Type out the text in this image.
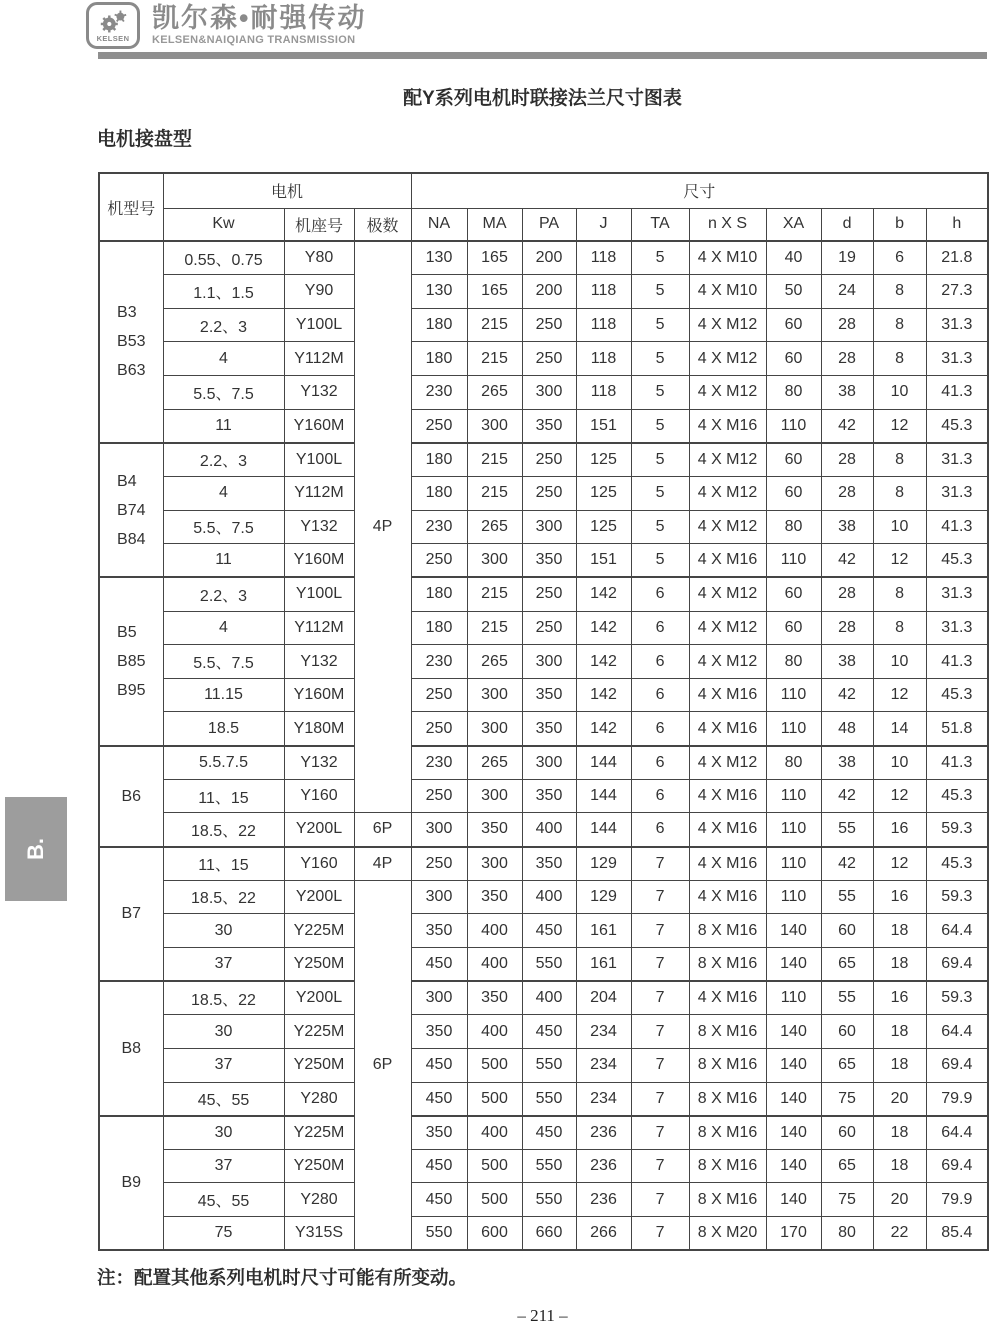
KELSEN
凯尔森•耐强传动
KELSEN&NAIQIANG TRANSMISSION
配Y系列电机时联接法兰尺寸图表
电机接盘型
机型号	电机			尺寸									
	Kw	机座号	极数	NA	MA	PA	J	TA	n X S	XA	d	b	h

B3
B53
B63	0.55、0.75	Y80	4P	130	165	200	118	5	4 X M10	40	19	6	21.8
	1.1、1.5	Y90		130	165	200	118	5	4 X M10	50	24	8	27.3
	2.2、3	Y100L		180	215	250	118	5	4 X M12	60	28	8	31.3
	4	Y112M		180	215	250	118	5	4 X M12	60	28	8	31.3
	5.5、7.5	Y132		230	265	300	118	5	4 X M12	80	38	10	41.3
	11	Y160M		250	300	350	151	5	4 X M16	110	42	12	45.3

B4
B74
B84	2.2、3	Y100L		180	215	250	125	5	4 X M12	60	28	8	31.3
	4	Y112M		180	215	250	125	5	4 X M12	60	28	8	31.3
	5.5、7.5	Y132		230	265	300	125	5	4 X M12	80	38	10	41.3
	11	Y160M		250	300	350	151	5	4 X M16	110	42	12	45.3

B5
B85
B95	2.2、3	Y100L		180	215	250	142	6	4 X M12	60	28	8	31.3
	4	Y112M		180	215	250	142	6	4 X M12	60	28	8	31.3
	5.5、7.5	Y132		230	265	300	142	6	4 X M12	80	38	10	41.3
	11.15	Y160M		250	300	350	142	6	4 X M16	110	42	12	45.3
	18.5	Y180M		250	300	350	142	6	4 X M16	110	48	14	51.8

B6	5.5.7.5	Y132		230	265	300	144	6	4 X M12	80	38	10	41.3
	11、15	Y160		250	300	350	144	6	4 X M16	110	42	12	45.3
	18.5、22	Y200L	6P	300	350	400	144	6	4 X M16	110	55	16	59.3

B7	11、15	Y160	4P	250	300	350	129	7	4 X M16	110	42	12	45.3
	18.5、22	Y200L	6P	300	350	400	129	7	4 X M16	110	55	16	59.3
	30	Y225M		350	400	450	161	7	8 X M16	140	60	18	64.4
	37	Y250M		450	400	550	161	7	8 X M16	140	65	18	69.4

B8	18.5、22	Y200L		300	350	400	204	7	4 X M16	110	55	16	59.3
	30	Y225M		350	400	450	234	7	8 X M16	140	60	18	64.4
	37	Y250M		450	500	550	234	7	8 X M16	140	65	18	69.4
	45、55	Y280		450	500	550	234	7	8 X M16	140	75	20	79.9

B9	30	Y225M		350	400	450	236	7	8 X M16	140	60	18	64.4
	37	Y250M		450	500	550	236	7	8 X M16	140	65	18	69.4
	45、55	Y280		450	500	550	236	7	8 X M16	140	75	20	79.9
	75	Y315S		550	600	660	266	7	8 X M20	170	80	22	85.4
B.
注：配置其他系列电机时尺寸可能有所变动。
– 211 –
